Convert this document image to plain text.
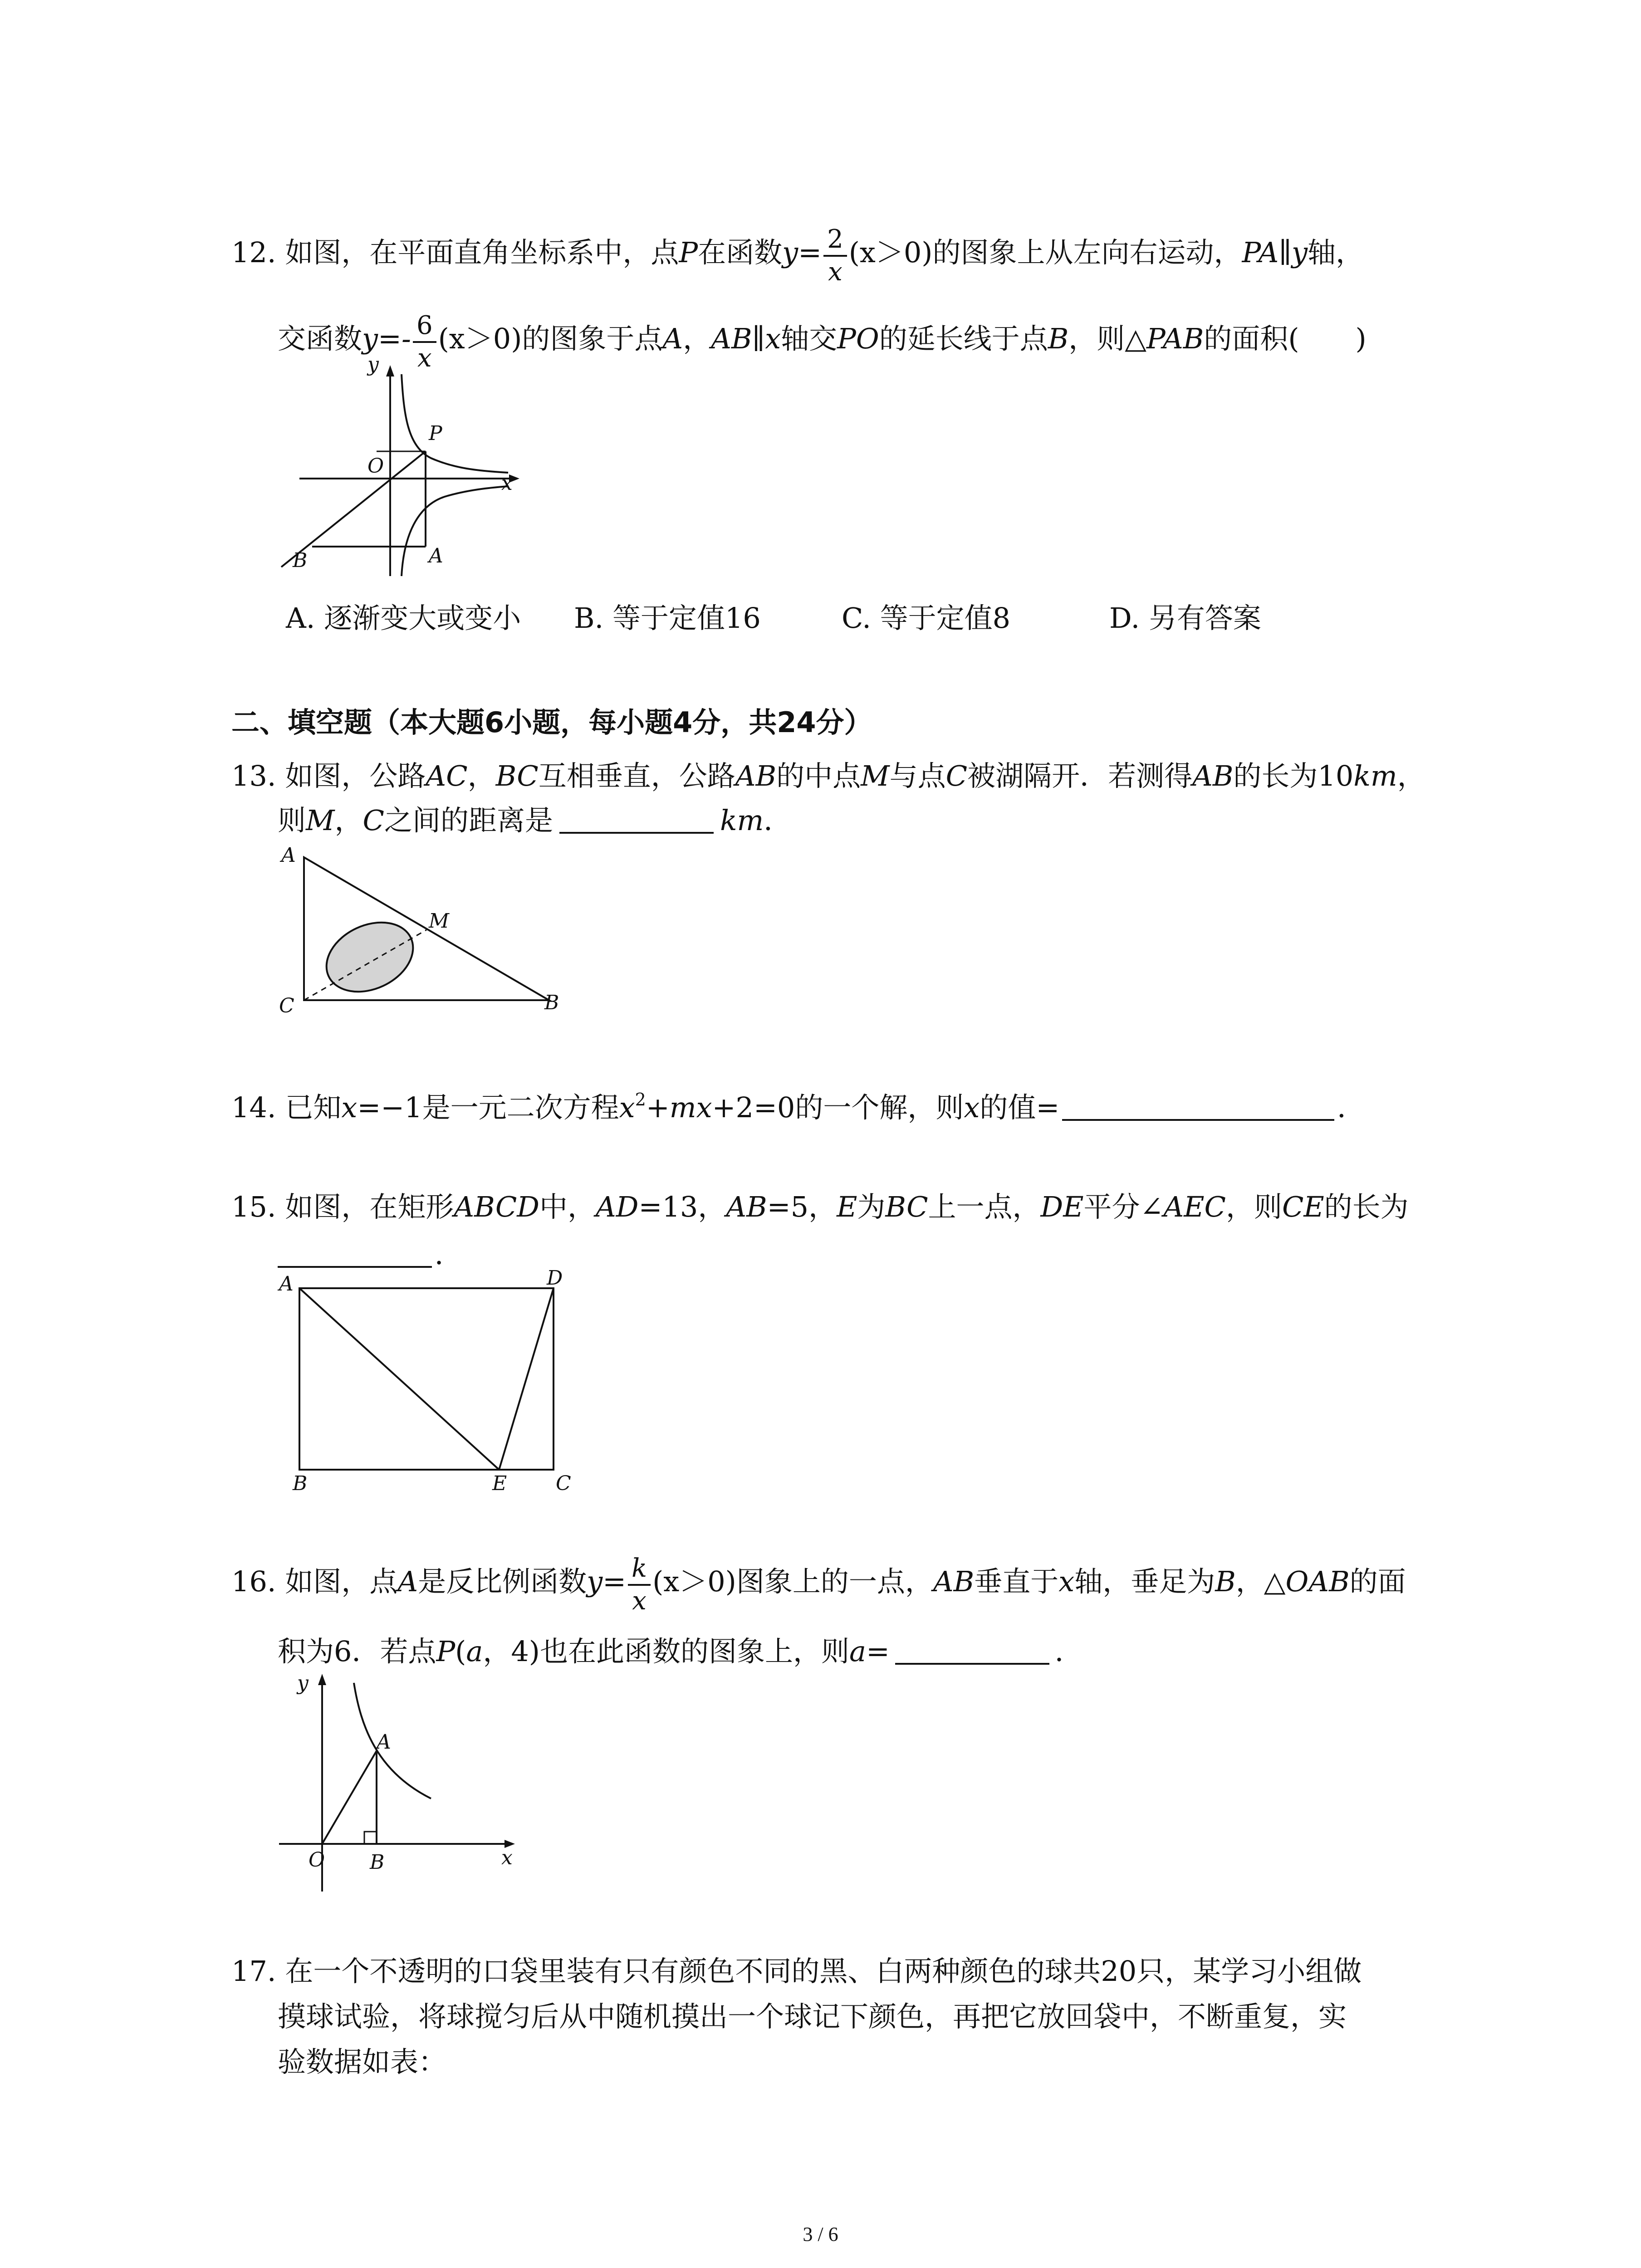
12. 如图，在平面直角坐标系中，点P在函数$y= \frac{2}{x} (x>0)$的图象上从左向右运动，PA∥y轴，
交函数$y=- \frac{6}{x} (x>0)$的图象于点A，AB∥x轴交PO的延长线于点B，则△PAB的面积(　　)
y
O
P
x
B	A
A. 逐渐变大或变小 B. 等于定值16	C. 等于定值8	D. 另有答案
二、填空题（本大题6小题，每小题4分，共24分）
13. 如图，公路AC，BC互相垂直，公路AB的中点M与点C被湖隔开．若测得AB的长为10km，
则M，C之间的距离是	km．
A
M
C	B
14. 已知x=−1是一元二次方程$x^2+mx+2=0$的一个解，则x的值=	．
15. 如图，在矩形ABCD中，AD=13，AB=5，E为BC上一点，DE平分∠AEC，则CE的长为
．
A	D
B	E C
16. 如图，点A是反比例函数$y= \frac{k}{x} (x>0)$图象上的一点，AB垂直于x轴，垂足为B，△OAB的面
积为6．若点P(a，4)也在此函数的图象上，则a=	．
y
A
O B	x
17. 在一个不透明的口袋里装有只有颜色不同的黑、白两种颜色的球共20只，某学习小组做
摸球试验，将球搅匀后从中随机摸出一个球记下颜色，再把它放回袋中，不断重复，实
验数据如表：
3 / 6
